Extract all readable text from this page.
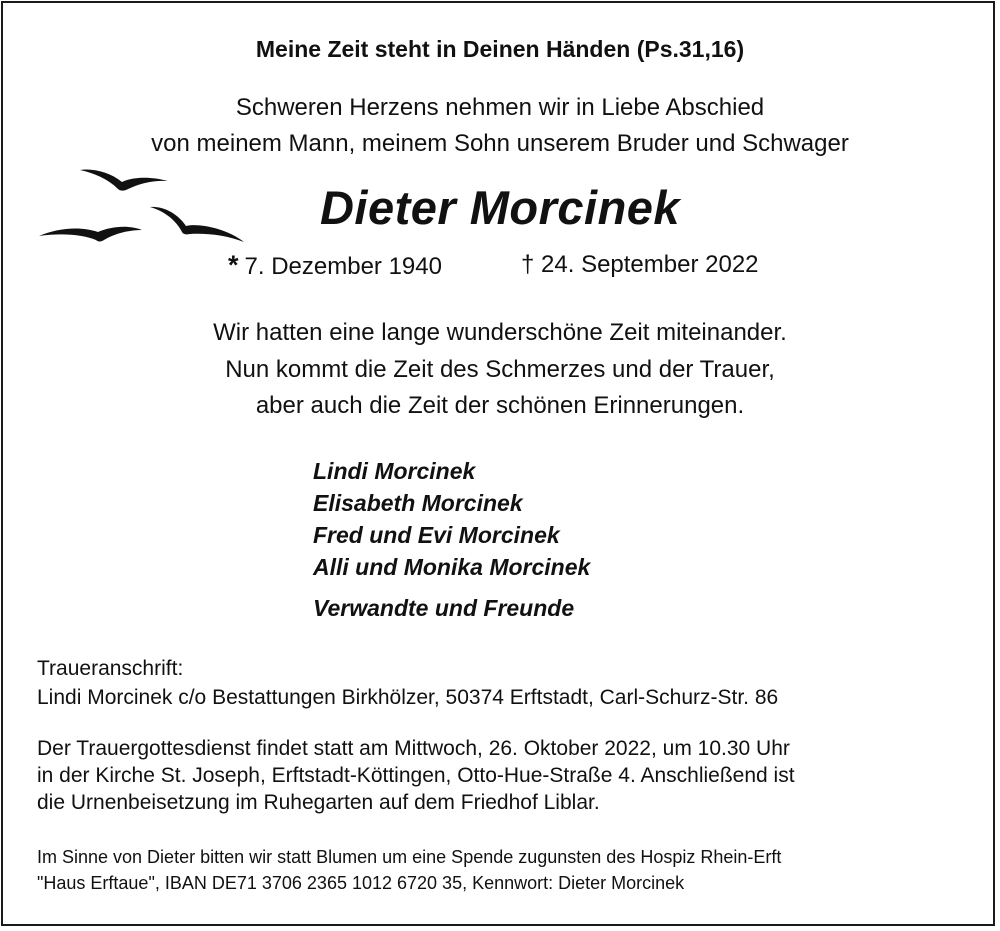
Meine Zeit steht in Deinen Händen (Ps.31,16)
Schweren Herzens nehmen wir in Liebe Abschied
von meinem Mann, meinem Sohn unserem Bruder und Schwager
Dieter Morcinek
* 7. Dezember 1940	† 24. September 2022
Wir hatten eine lange wunderschöne Zeit miteinander.
Nun kommt die Zeit des Schmerzes und der Trauer,
aber auch die Zeit der schönen Erinnerungen.
Lindi Morcinek
Elisabeth Morcinek
Fred und Evi Morcinek
Alli und Monika Morcinek
Verwandte und Freunde
Traueranschrift:
Lindi Morcinek c/o Bestattungen Birkhölzer, 50374 Erftstadt, Carl-Schurz-Str. 86
Der Trauergottesdienst findet statt am Mittwoch, 26. Oktober 2022, um 10.30 Uhr
in der Kirche St. Joseph, Erftstadt-Köttingen, Otto-Hue-Straße 4. Anschließend ist
die Urnenbeisetzung im Ruhegarten auf dem Friedhof Liblar.
Im Sinne von Dieter bitten wir statt Blumen um eine Spende zugunsten des Hospiz Rhein-Erft
"Haus Erftaue", IBAN DE71 3706 2365 1012 6720 35, Kennwort: Dieter Morcinek
